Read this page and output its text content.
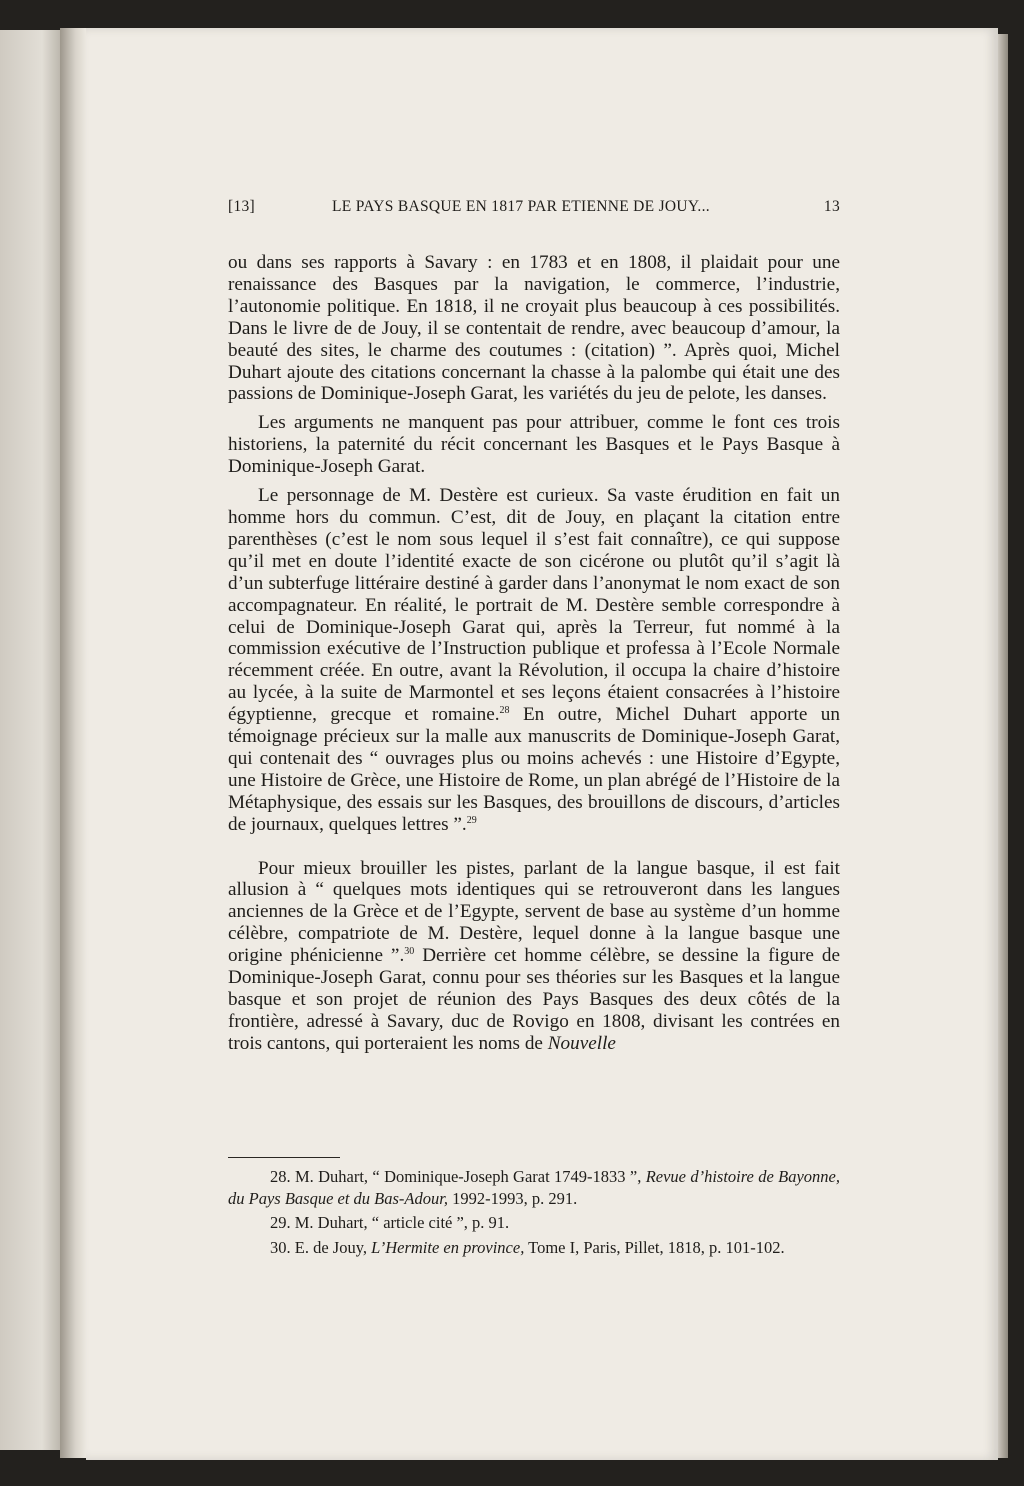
[13]	LE PAYS BASQUE EN 1817 PAR ETIENNE DE JOUY...	13

ou dans ses rapports à Savary : en 1783 et en 1808, il plaidait pour une renaissance des Basques par la navigation, le commerce, l’industrie, l’autonomie politique. En 1818, il ne croyait plus beaucoup à ces possibilités. Dans le livre de de Jouy, il se contentait de rendre, avec beaucoup d’amour, la beauté des sites, le charme des coutumes : (citation) ”. Après quoi, Michel Duhart ajoute des citations concernant la chasse à la palombe qui était une des passions de Dominique-Joseph Garat, les variétés du jeu de pelote, les danses.

Les arguments ne manquent pas pour attribuer, comme le font ces trois historiens, la paternité du récit concernant les Basques et le Pays Basque à Dominique-Joseph Garat.

Le personnage de M. Destère est curieux. Sa vaste érudition en fait un homme hors du commun. C’est, dit de Jouy, en plaçant la citation entre parenthèses (c’est le nom sous lequel il s’est fait connaître), ce qui suppose qu’il met en doute l’identité exacte de son cicérone ou plutôt qu’il s’agit là d’un subterfuge littéraire destiné à garder dans l’anonymat le nom exact de son accompagnateur. En réalité, le portrait de M. Destère semble correspondre à celui de Dominique-Joseph Garat qui, après la Terreur, fut nommé à la commission exécutive de l’Instruction publique et professa à l’Ecole Normale récemment créée. En outre, avant la Révolution, il occupa la chaire d’histoire au lycée, à la suite de Marmontel et ses leçons étaient consacrées à l’histoire égyptienne, grecque et romaine.$^{28}$ En outre, Michel Duhart apporte un témoignage précieux sur la malle aux manuscrits de Dominique-Joseph Garat, qui contenait des “ ouvrages plus ou moins achevés : une Histoire d’Egypte, une Histoire de Grèce, une Histoire de Rome, un plan abrégé de l’Histoire de la Métaphysique, des essais sur les Basques, des brouillons de discours, d’articles de journaux, quelques lettres ”.$^{29}$

Pour mieux brouiller les pistes, parlant de la langue basque, il est fait allusion à “ quelques mots identiques qui se retrouveront dans les langues anciennes de la Grèce et de l’Egypte, servent de base au système d’un homme célèbre, compatriote de M. Destère, lequel donne à la langue basque une origine phénicienne ”.$^{30}$ Derrière cet homme célèbre, se dessine la figure de Dominique-Joseph Garat, connu pour ses théories sur les Basques et la langue basque et son projet de réunion des Pays Basques des deux côtés de la frontière, adressé à Savary, duc de Rovigo en 1808, divisant les contrées en trois cantons, qui porteraient les noms de Nouvelle

28. M. Duhart, “ Dominique-Joseph Garat 1749-1833 ”, Revue d’histoire de Bayonne, du Pays Basque et du Bas-Adour, 1992-1993, p. 291.

29. M. Duhart, “ article cité ”, p. 91.

30. E. de Jouy, L’Hermite en province, Tome I, Paris, Pillet, 1818, p. 101-102.
